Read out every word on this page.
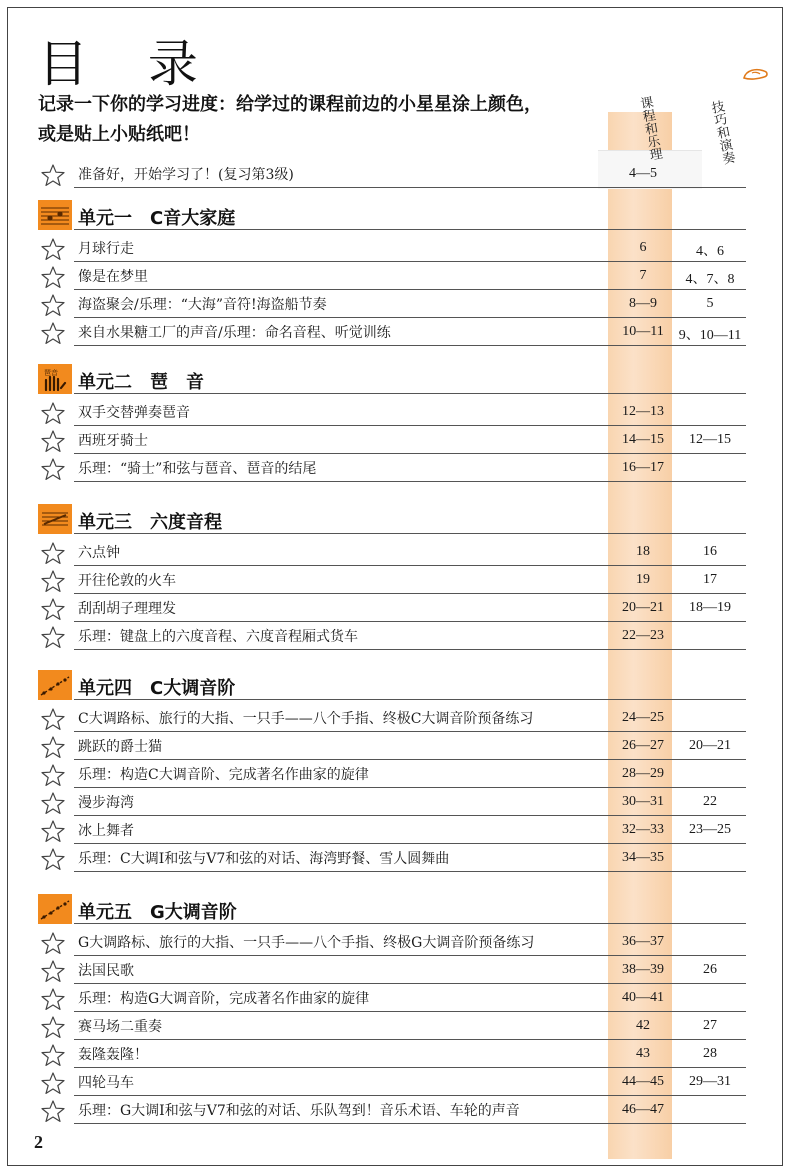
目 录
记录一下你的学习进度：给学过的课程前边的小星星涂上颜色，
或是贴上小贴纸吧！	课程和乐理	技巧和演奏
准备好，开始学习了！(复习第3级)	4—5
单元一　C音大家庭
月球行走	6	4、6
像是在梦里	7	4、7、8
海盗聚会/乐理：“大海”音符!海盗船节奏	8—9	5
来自水果糖工厂的声音/乐理：命名音程、听觉训练	10—11	9、10—11
琶音 单元二　琶　音
双手交替弹奏琶音	12—13
西班牙骑士	14—15	12—15
乐理：“骑士”和弦与琶音、琶音的结尾	16—17
单元三　六度音程
六点钟	18	16
开往伦敦的火车	19	17
刮刮胡子理理发	20—21	18—19
乐理：键盘上的六度音程、六度音程厢式货车	22—23
单元四　C大调音阶
C大调路标、旅行的大指、一只手——八个手指、终极C大调音阶预备练习	24—25
跳跃的爵士猫	26—27	20—21
乐理：构造C大调音阶、完成著名作曲家的旋律	28—29
漫步海湾	30—31	22
冰上舞者	32—33	23—25
乐理：C大调I和弦与V7和弦的对话、海湾野餐、雪人圆舞曲	34—35
单元五　G大调音阶
G大调路标、旅行的大指、一只手——八个手指、终极G大调音阶预备练习	36—37
法国民歌	38—39	26
乐理：构造G大调音阶，完成著名作曲家的旋律	40—41
赛马场二重奏	42	27
轰隆轰隆！	43	28
四轮马车	44—45	29—31
乐理：G大调I和弦与V7和弦的对话、乐队驾到！音乐术语、车轮的声音	46—47
2
